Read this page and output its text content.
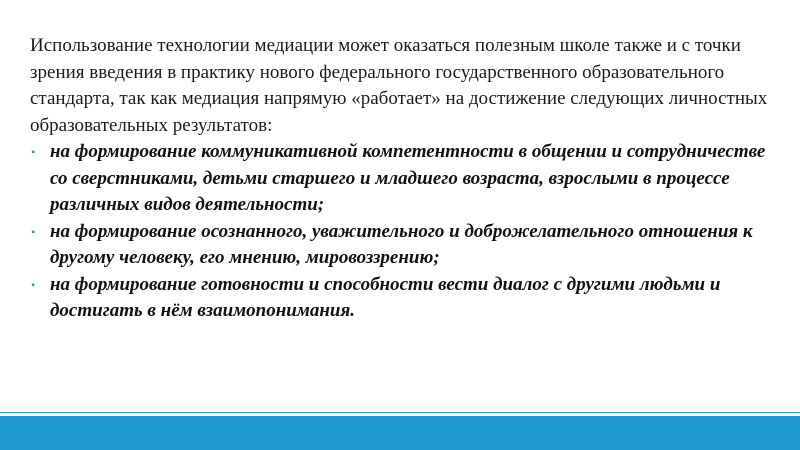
Использование технологии медиации может оказаться полезным школе также и с точки зрения введения в практику нового федерального государственного образовательного стандарта, так как медиация напрямую «работает» на достижение следующих личностных образовательных результатов:

• на формирование коммуникативной компетентности в общении и сотрудничестве со сверстниками, детьми старшего и младшего возраста, взрослыми в процессе различных видов деятельности;
• на формирование осознанного, уважительного и доброжелательного отношения к другому человеку, его мнению, мировоззрению;
• на формирование готовности и способности вести диалог с другими людьми и достигать в нём взаимопонимания.
